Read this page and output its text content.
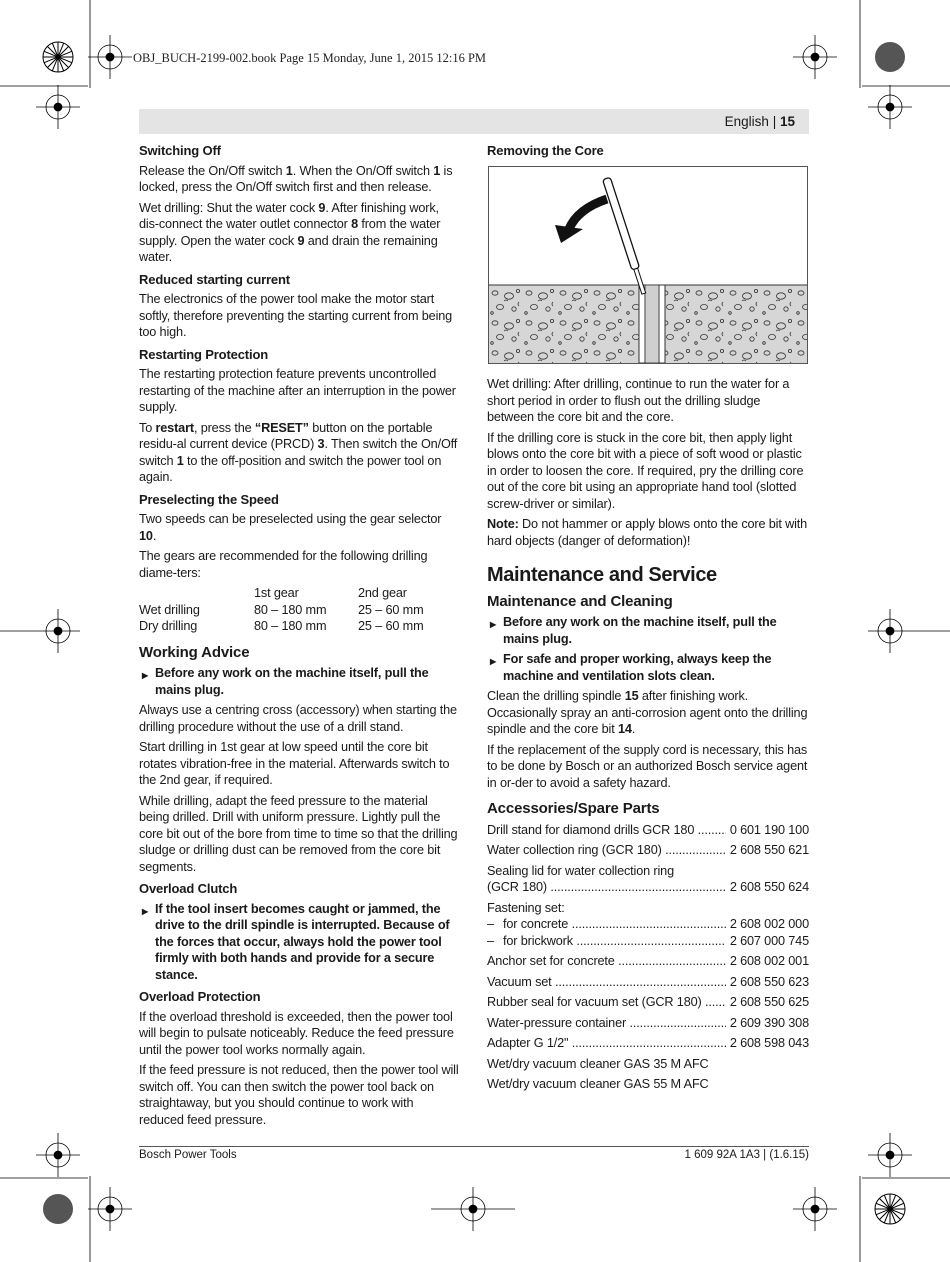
OBJ_BUCH-2199-002.book Page 15 Monday, June 1, 2015 12:16 PM
English | 15
Switching Off

Release the On/Off switch 1. When the On/Off switch 1 is locked, press the On/Off switch first and then release.

Wet drilling: Shut the water cock 9. After finishing work, dis-connect the water outlet connector 8 from the water supply. Open the water cock 9 and drain the remaining water.

Reduced starting current

The electronics of the power tool make the motor start softly, therefore preventing the starting current from being too high.

Restarting Protection

The restarting protection feature prevents uncontrolled restarting of the machine after an interruption in the power supply.

To restart, press the “RESET” button on the portable residu-al current device (PRCD) 3. Then switch the On/Off switch 1 to the off-position and switch the power tool on again.

Preselecting the Speed

Two speeds can be preselected using the gear selector 10.

The gears are recommended for the following drilling diame-ters:

	1st gear	2nd gear
Wet drilling	80 – 180 mm	25 – 60 mm
Dry drilling	80 – 180 mm	25 – 60 mm
Working Advice
▶ Before any work on the machine itself, pull the mains plug.

Always use a centring cross (accessory) when starting the drilling procedure without the use of a drill stand.

Start drilling in 1st gear at low speed until the core bit rotates vibration-free in the material. Afterwards switch to the 2nd gear, if required.

While drilling, adapt the feed pressure to the material being drilled. Drill with uniform pressure. Lightly pull the core bit out of the bore from time to time so that the drilling sludge or drilling dust can be removed from the core bit segments.

Overload Clutch
▶ If the tool insert becomes caught or jammed, the drive to the drill spindle is interrupted. Because of the forces that occur, always hold the power tool firmly with both hands and provide for a secure stance.
Overload Protection

If the overload threshold is exceeded, then the power tool will begin to pulsate noticeably. Reduce the feed pressure until the power tool works normally again.

If the feed pressure is not reduced, then the power tool will switch off. You can then switch the power tool back on straightaway, but you should continue to work with reduced feed pressure.

Removing the Core

Wet drilling: After drilling, continue to run the water for a short period in order to flush out the drilling sludge between the core bit and the core.

If the drilling core is stuck in the core bit, then apply light blows onto the core bit with a piece of soft wood or plastic in order to loosen the core. If required, pry the drilling core out of the core bit using an appropriate hand tool (slotted screw-driver or similar).

Note: Do not hammer or apply blows onto the core bit with hard objects (danger of deformation)!

Maintenance and Service
Maintenance and Cleaning
▶ Before any work on the machine itself, pull the mains plug.
▶ For safe and proper working, always keep the machine and ventilation slots clean.

Clean the drilling spindle 15 after finishing work. Occasionally spray an anti-corrosion agent onto the drilling spindle and the core bit 14.

If the replacement of the supply cord is necessary, this has to be done by Bosch or an authorized Bosch service agent in or-der to avoid a safety hazard.

Accessories/Spare Parts
Drill stand for diamond drills GCR 180 .....	0 601 190 100
Water collection ring (GCR 180) .....	2 608 550 621
Sealing lid for water collection ring
(GCR 180) .....	2 608 550 624
Fastening set:
– for concrete .....	2 608 002 000
– for brickwork .....	2 607 000 745
Anchor set for concrete .....	2 608 002 001
Vacuum set .....	2 608 550 623
Rubber seal for vacuum set (GCR 180) .....	2 608 550 625
Water-pressure container .....	2 609 390 308
Adapter G 1/2" .....	2 608 598 043

Wet/dry vacuum cleaner GAS 35 M AFC

Wet/dry vacuum cleaner GAS 55 M AFC

Bosch Power Tools	1 609 92A 1A3 | (1.6.15)
